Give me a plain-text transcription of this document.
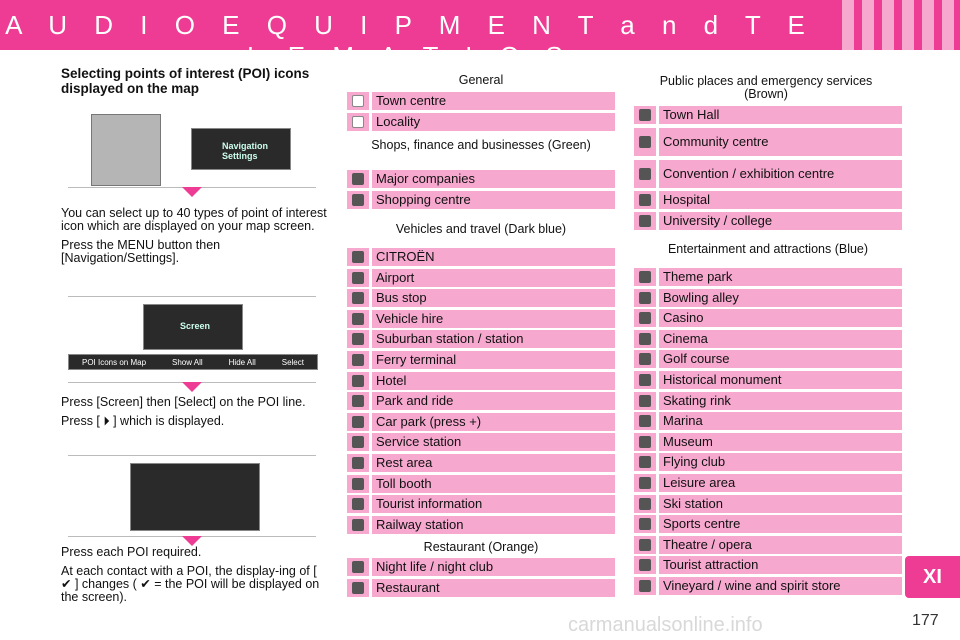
A U D I O E Q U I P M E N T a n d T E L E M A T I C S
Selecting points of interest (POI) icons displayed on the map
Navigation Settings

You can select up to 40 types of point of interest icon which are displayed on your map screen.

Press the MENU button then [Navigation/Settings].

Screen
POI Icons on Map	Show All	Hide All	Select

Press [Screen] then [Select] on the POI line.

Press [ ⏵ ] which is displayed.

Press each POI required.

At each contact with a POI, the display-ing of [ ✔ ] changes ( ✔ = the POI will be displayed on the screen).

General
Shops, finance and businesses (Green)
Vehicles and travel (Dark blue)
Restaurant (Orange)
Public places and emergency services (Brown)
Entertainment and attractions (Blue)
Town centre
Locality
Major companies
Shopping centre
CITROËN
Airport
Bus stop
Vehicle hire
Suburban station / station
Ferry terminal
Hotel
Park and ride
Car park (press +)
Service station
Rest area
Toll booth
Tourist information
Railway station
Night life / night club
Restaurant
Town Hall
Community centre
Convention / exhibition centre
Hospital
University / college
Theme park
Bowling alley
Casino
Cinema
Golf course
Historical monument
Skating rink
Marina
Museum
Flying club
Leisure area
Ski station
Sports centre
Theatre / opera
Tourist attraction
Vineyard / wine and spirit store	XI
carmanualsonline.info	177
